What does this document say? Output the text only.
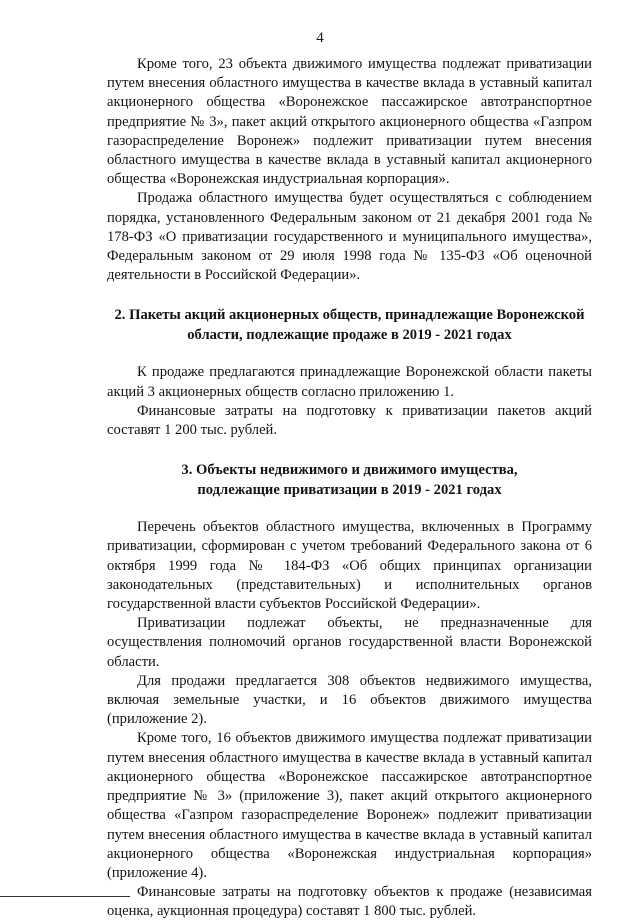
4

Кроме того, 23 объекта движимого имущества подлежат приватизации путем внесения областного имущества в качестве вклада в уставный капитал акционерного общества «Воронежское пассажирское автотранспортное предприятие № 3», пакет акций открытого акционерного общества «Газпром газораспределение Воронеж» подлежит приватизации путем внесения областного имущества в качестве вклада в уставный капитал акционерного общества «Воронежская индустриальная корпорация».

Продажа областного имущества будет осуществляться с соблюдением порядка, установленного Федеральным законом от 21 декабря 2001 года № 178-ФЗ «О приватизации государственного и муниципального имущества», Федеральным законом от 29 июля 1998 года № 135-ФЗ «Об оценочной деятельности в Российской Федерации».

2. Пакеты акций акционерных обществ, принадлежащие Воронежской
области, подлежащие продаже в 2019 - 2021 годах

К продаже предлагаются принадлежащие Воронежской области пакеты акций 3 акционерных обществ согласно приложению 1.

Финансовые затраты на подготовку к приватизации пакетов акций составят 1 200 тыс. рублей.

3. Объекты недвижимого и движимого имущества,
подлежащие приватизации в 2019 - 2021 годах

Перечень объектов областного имущества, включенных в Программу приватизации, сформирован с учетом требований Федерального закона от 6 октября 1999 года № 184-ФЗ «Об общих принципах организации законодательных (представительных) и исполнительных органов государственной власти субъектов Российской Федерации».

Приватизации подлежат объекты, не предназначенные для осуществления полномочий органов государственной власти Воронежской области.

Для продажи предлагается 308 объектов недвижимого имущества, включая земельные участки, и 16 объектов движимого имущества (приложение 2).

Кроме того, 16 объектов движимого имущества подлежат приватизации путем внесения областного имущества в качестве вклада в уставный капитал акционерного общества «Воронежское пассажирское автотранспортное предприятие № 3» (приложение 3), пакет акций открытого акционерного общества «Газпром газораспределение Воронеж» подлежит приватизации путем внесения областного имущества в качестве вклада в уставный капитал акционерного общества «Воронежская индустриальная корпорация» (приложение 4).

Финансовые затраты на подготовку объектов к продаже (независимая оценка, аукционная процедура) составят 1 800 тыс. рублей.
